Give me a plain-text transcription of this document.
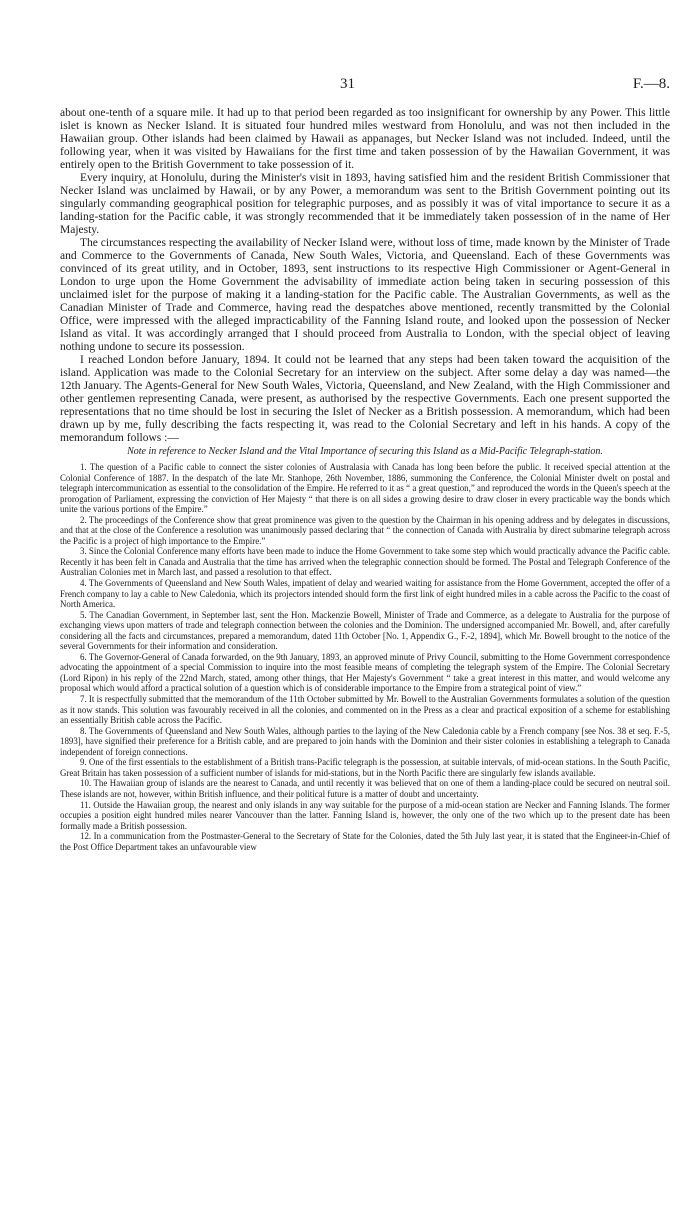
31	F.—8.

about one-tenth of a square mile. It had up to that period been regarded as too insignificant for ownership by any Power. This little islet is known as Necker Island. It is situated four hundred miles westward from Honolulu, and was not then included in the Hawaiian group. Other islands had been claimed by Hawaii as appanages, but Necker Island was not included. Indeed, until the following year, when it was visited by Hawaiians for the first time and taken possession of by the Hawaiian Government, it was entirely open to the British Government to take possession of it.

Every inquiry, at Honolulu, during the Minister's visit in 1893, having satisfied him and the resident British Commissioner that Necker Island was unclaimed by Hawaii, or by any Power, a memorandum was sent to the British Government pointing out its singularly commanding geographical position for telegraphic purposes, and as possibly it was of vital importance to secure it as a landing-station for the Pacific cable, it was strongly recommended that it be immediately taken possession of in the name of Her Majesty.

The circumstances respecting the availability of Necker Island were, without loss of time, made known by the Minister of Trade and Commerce to the Governments of Canada, New South Wales, Victoria, and Queensland. Each of these Governments was convinced of its great utility, and in October, 1893, sent instructions to its respective High Commissioner or Agent-General in London to urge upon the Home Government the advisability of immediate action being taken in securing possession of this unclaimed islet for the purpose of making it a landing-station for the Pacific cable. The Australian Governments, as well as the Canadian Minister of Trade and Commerce, having read the despatches above mentioned, recently transmitted by the Colonial Office, were impressed with the alleged impracticability of the Fanning Island route, and looked upon the possession of Necker Island as vital. It was accordingly arranged that I should proceed from Australia to London, with the special object of leaving nothing undone to secure its possession.

I reached London before January, 1894. It could not be learned that any steps had been taken toward the acquisition of the island. Application was made to the Colonial Secretary for an interview on the subject. After some delay a day was named—the 12th January. The Agents-General for New South Wales, Victoria, Queensland, and New Zealand, with the High Commissioner and other gentlemen representing Canada, were present, as authorised by the respective Governments. Each one present supported the representations that no time should be lost in securing the Islet of Necker as a British possession. A memorandum, which had been drawn up by me, fully describing the facts respecting it, was read to the Colonial Secretary and left in his hands. A copy of the memorandum follows :—

Note in reference to Necker Island and the Vital Importance of securing this Island as a Mid-Pacific Telegraph-station.

1. The question of a Pacific cable to connect the sister colonies of Australasia with Canada has long been before the public. It received special attention at the Colonial Conference of 1887. In the despatch of the late Mr. Stanhope, 26th November, 1886, summoning the Conference, the Colonial Minister dwelt on postal and telegraph intercommunication as essential to the consolidation of the Empire. He referred to it as “ a great question,” and reproduced the words in the Queen's speech at the prorogation of Parliament, expressing the conviction of Her Majesty “ that there is on all sides a growing desire to draw closer in every practicable way the bonds which unite the various portions of the Empire.”

2. The proceedings of the Conference show that great prominence was given to the question by the Chairman in his opening address and by delegates in discussions, and that at the close of the Conference a resolution was unanimously passed declaring that “ the connection of Canada with Australia by direct submarine telegraph across the Pacific is a project of high importance to the Empire.”

3. Since the Colonial Conference many efforts have been made to induce the Home Government to take some step which would practically advance the Pacific cable. Recently it has been felt in Canada and Australia that the time has arrived when the telegraphic connection should be formed. The Postal and Telegraph Conference of the Australian Colonies met in March last, and passed a resolution to that effect.

4. The Governments of Queensland and New South Wales, impatient of delay and wearied waiting for assistance from the Home Government, accepted the offer of a French company to lay a cable to New Caledonia, which its projectors intended should form the first link of eight hundred miles in a cable across the Pacific to the coast of North America.

5. The Canadian Government, in September last, sent the Hon. Mackenzie Bowell, Minister of Trade and Commerce, as a delegate to Australia for the purpose of exchanging views upon matters of trade and telegraph connection between the colonies and the Dominion. The undersigned accompanied Mr. Bowell, and, after carefully considering all the facts and circumstances, prepared a memorandum, dated 11th October [No. 1, Appendix G., F.-2, 1894], which Mr. Bowell brought to the notice of the several Governments for their information and consideration.

6. The Governor-General of Canada forwarded, on the 9th January, 1893, an approved minute of Privy Council, submitting to the Home Government correspondence advocating the appointment of a special Commission to inquire into the most feasible means of completing the telegraph system of the Empire. The Colonial Secretary (Lord Ripon) in his reply of the 22nd March, stated, among other things, that Her Majesty's Government “ take a great interest in this matter, and would welcome any proposal which would afford a practical solution of a question which is of considerable importance to the Empire from a strategical point of view.”

7. It is respectfully submitted that the memorandum of the 11th October submitted by Mr. Bowell to the Australian Governments formulates a solution of the question as it now stands. This solution was favourably received in all the colonies, and commented on in the Press as a clear and practical exposition of a scheme for establishing an essentially British cable across the Pacific.

8. The Governments of Queensland and New South Wales, although parties to the laying of the New Caledonia cable by a French company [see Nos. 38 et seq. F.-5, 1893], have signified their preference for a British cable, and are prepared to join hands with the Dominion and their sister colonies in establishing a telegraph to Canada independent of foreign connections.

9. One of the first essentials to the establishment of a British trans-Pacific telegraph is the possession, at suitable intervals, of mid-ocean stations. In the South Pacific, Great Britain has taken possession of a sufficient number of islands for mid-stations, but in the North Pacific there are singularly few islands available.

10. The Hawaiian group of islands are the nearest to Canada, and until recently it was believed that on one of them a landing-place could be secured on neutral soil. These islands are not, however, within British influence, and their political future is a matter of doubt and uncertainty.

11. Outside the Hawaiian group, the nearest and only islands in any way suitable for the purpose of a mid-ocean station are Necker and Fanning Islands. The former occupies a position eight hundred miles nearer Vancouver than the latter. Fanning Island is, however, the only one of the two which up to the present date has been formally made a British possession.

12. In a communication from the Postmaster-General to the Secretary of State for the Colonies, dated the 5th July last year, it is stated that the Engineer-in-Chief of the Post Office Department takes an unfavourable view
